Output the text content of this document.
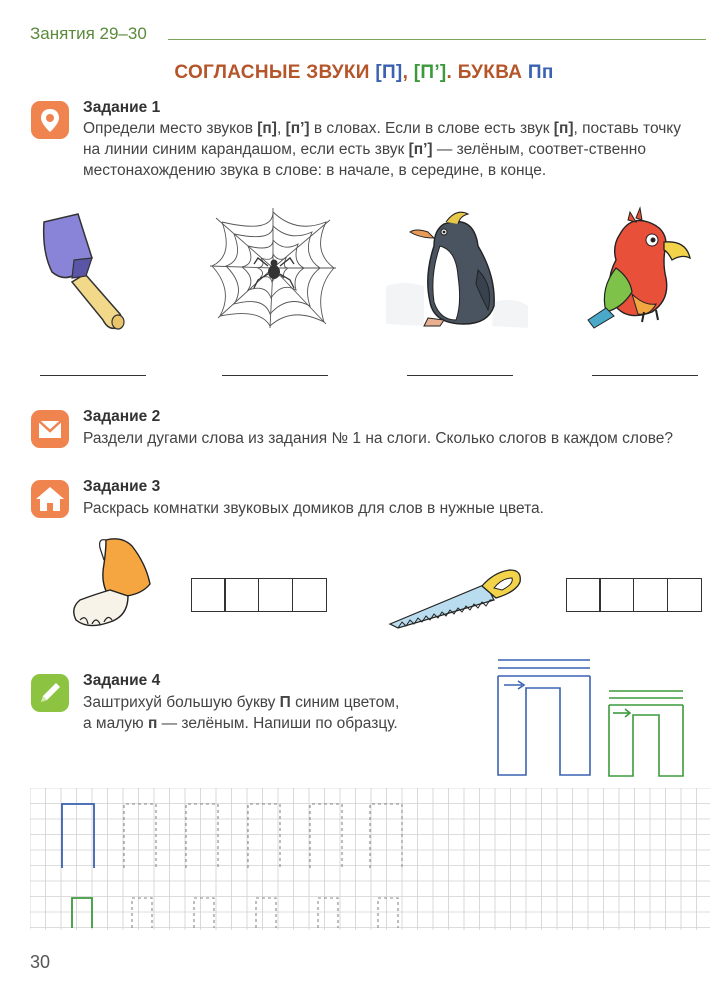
Занятия 29–30
СОГЛАСНЫЕ ЗВУКИ [П], [П’]. БУКВА Пп
Задание 1
Определи место звуков [п], [п’] в словах. Если в слове есть звук [п], поставь точку на линии синим карандашом, если есть звук [п’] — зелёным, соответ-ственно местонахождению звука в слове: в начале, в середине, в конце.
Задание 2
Раздели дугами слова из задания № 1 на слоги. Сколько слогов в каждом слове?
Задание 3
Раскрась комнатки звуковых домиков для слов в нужные цвета.
Задание 4
Заштрихуй большую букву П синим цветом,
а малую п — зелёным. Напиши по образцу.
30
